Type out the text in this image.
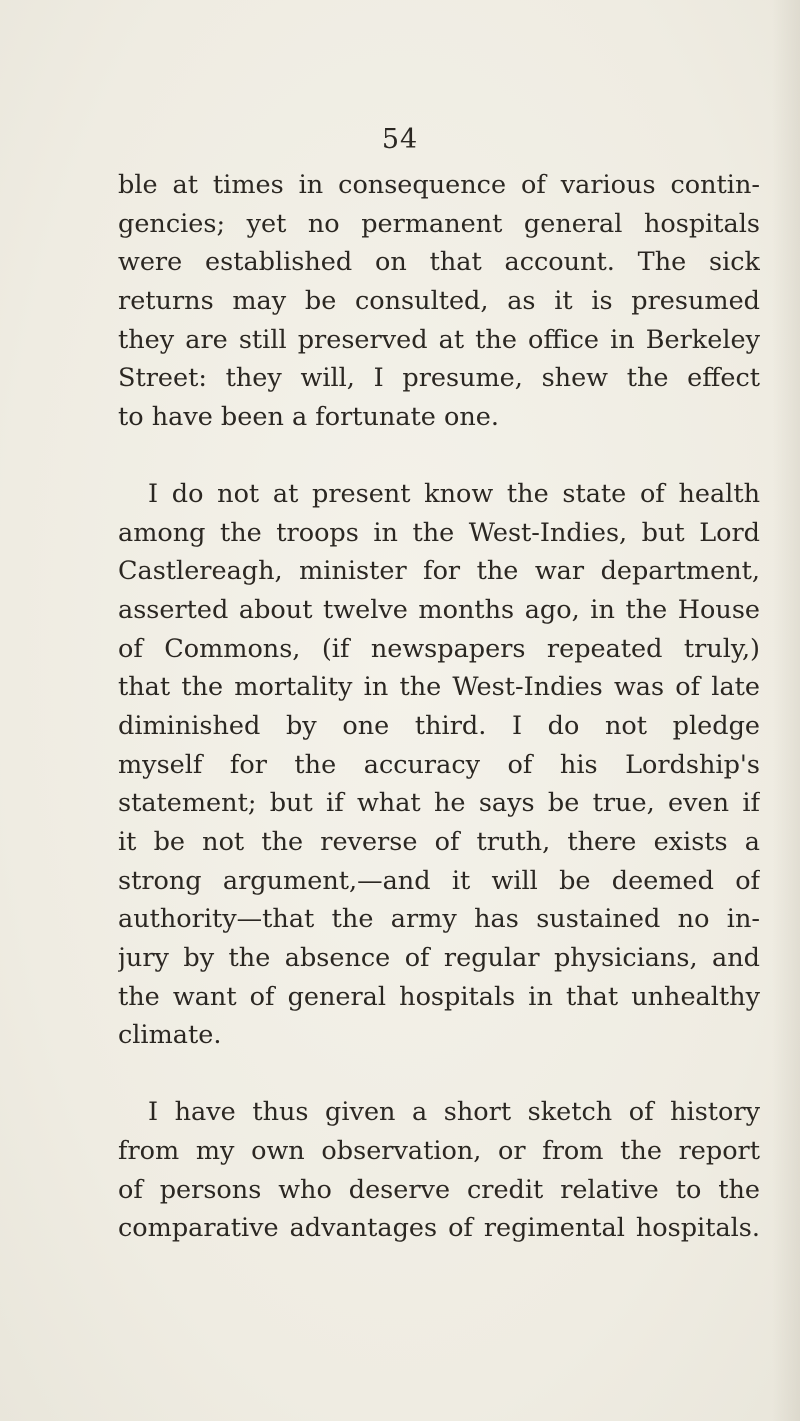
54
ble at times in consequence of various contin-
gencies; yet no permanent general hospitals
were established on that account. The sick
returns may be consulted, as it is presumed
they are still preserved at the office in Berkeley
Street: they will, I presume, shew the effect
to have been a fortunate one.
I do not at present know the state of health
among the troops in the West-Indies, but Lord
Castlereagh, minister for the war department,
asserted about twelve months ago, in the House
of Commons, (if newspapers repeated truly,)
that the mortality in the West-Indies was of late
diminished by one third. I do not pledge
myself for the accuracy of his Lordship's
statement; but if what he says be true, even if
it be not the reverse of truth, there exists a
strong argument,—and it will be deemed of
authority—that the army has sustained no in-
jury by the absence of regular physicians, and
the want of general hospitals in that unhealthy
climate.
I have thus given a short sketch of history
from my own observation, or from the report
of persons who deserve credit relative to the
comparative advantages of regimental hospitals.
